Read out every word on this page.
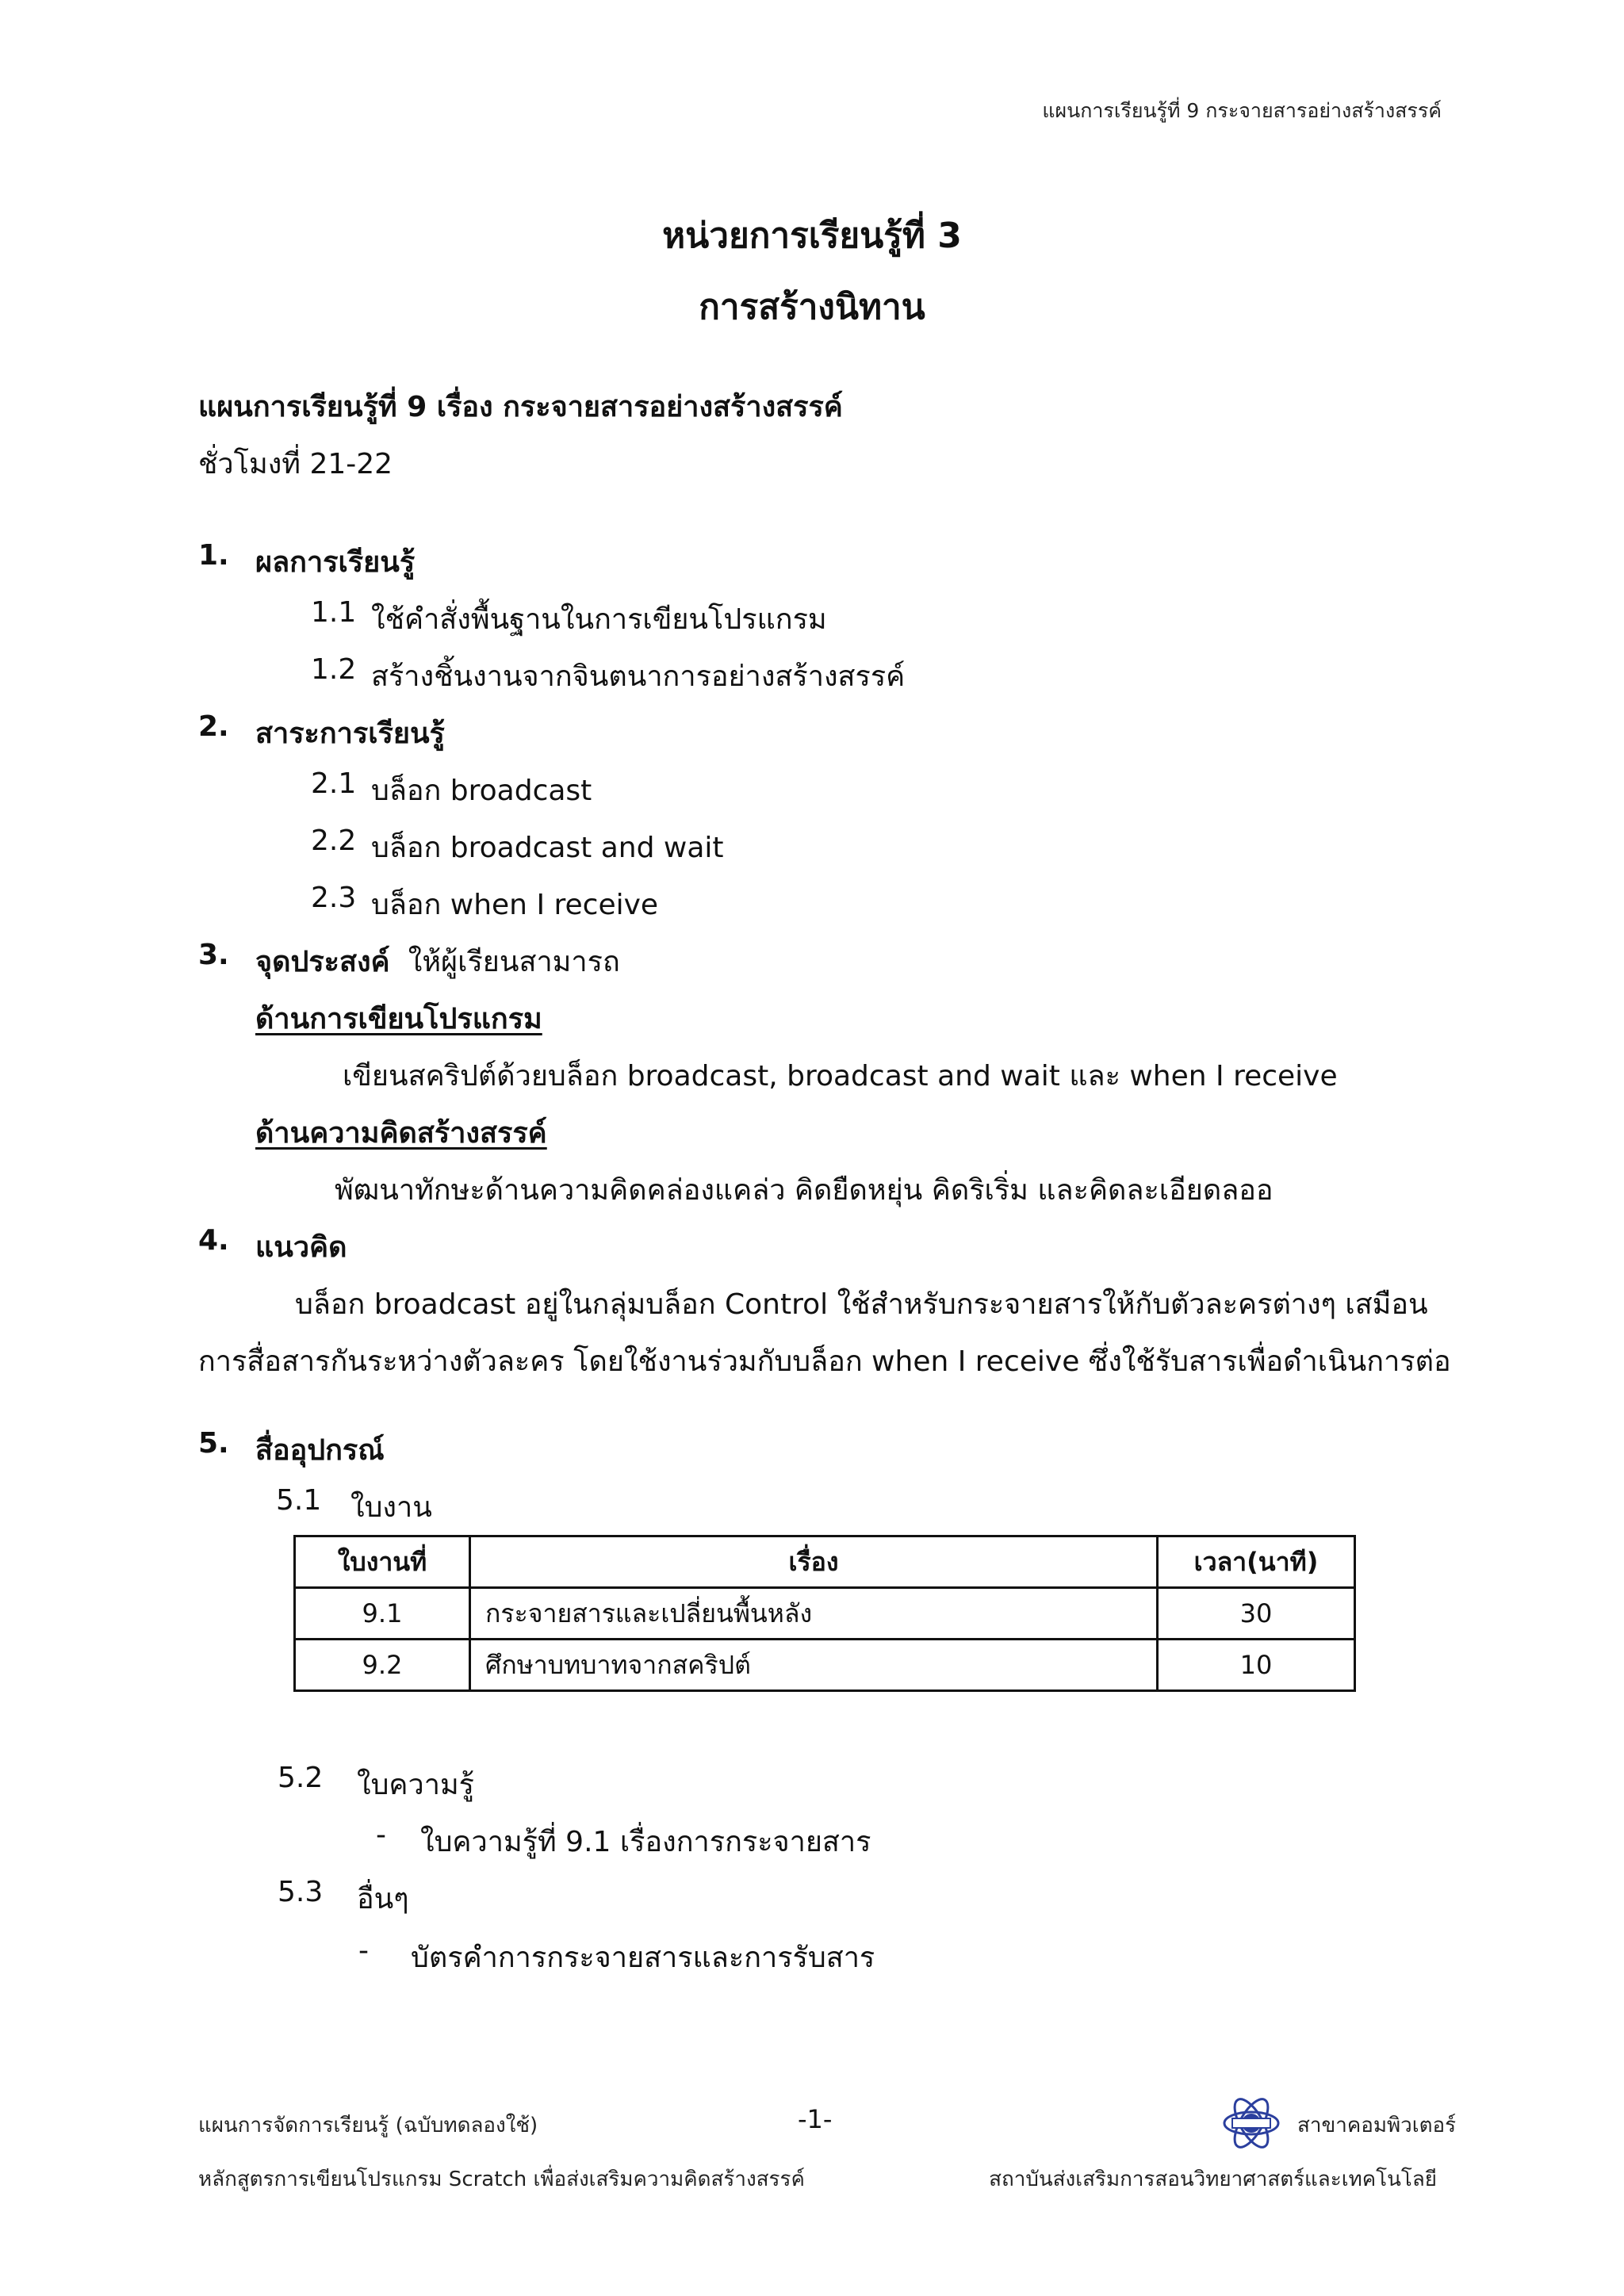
แผนการเรียนรู้ที่ 9 กระจายสารอย่างสร้างสรรค์
หน่วยการเรียนรู้ที่ 3
การสร้างนิทาน
แผนการเรียนรู้ที่ 9 เรื่อง กระจายสารอย่างสร้างสรรค์
ชั่วโมงที่ 21-22
1. ผลการเรียนรู้
1.1 ใช้คำสั่งพื้นฐานในการเขียนโปรแกรม
1.2 สร้างชิ้นงานจากจินตนาการอย่างสร้างสรรค์
2. สาระการเรียนรู้
2.1 บล็อก broadcast
2.2 บล็อก broadcast and wait
2.3 บล็อก when I receive
3. จุดประสงค์ ให้ผู้เรียนสามารถ
ด้านการเขียนโปรแกรม
เขียนสคริปต์ด้วยบล็อก broadcast, broadcast and wait และ when I receive
ด้านความคิดสร้างสรรค์
พัฒนาทักษะด้านความคิดคล่องแคล่ว คิดยืดหยุ่น คิดริเริ่ม และคิดละเอียดลออ
4. แนวคิด
บล็อก broadcast อยู่ในกลุ่มบล็อก Control ใช้สำหรับกระจายสารให้กับตัวละครต่างๆ เสมือน
การสื่อสารกันระหว่างตัวละคร โดยใช้งานร่วมกับบล็อก when I receive ซึ่งใช้รับสารเพื่อดำเนินการต่อ
5. สื่ออุปกรณ์
5.1 ใบงาน
ใบงานที่	เรื่อง	เวลา(นาที)
9.1	กระจายสารและเปลี่ยนพื้นหลัง	30
9.2	ศึกษาบทบาทจากสคริปต์	10
5.2 ใบความรู้
- ใบความรู้ที่ 9.1 เรื่องการกระจายสาร
5.3 อื่นๆ
- บัตรคำการกระจายสารและการรับสาร
แผนการจัดการเรียนรู้ (ฉบับทดลองใช้)
หลักสูตรการเขียนโปรแกรม Scratch เพื่อส่งเสริมความคิดสร้างสรรค์
-1-	สาขาคอมพิวเตอร์
สถาบันส่งเสริมการสอนวิทยาศาสตร์และเทคโนโลยี
